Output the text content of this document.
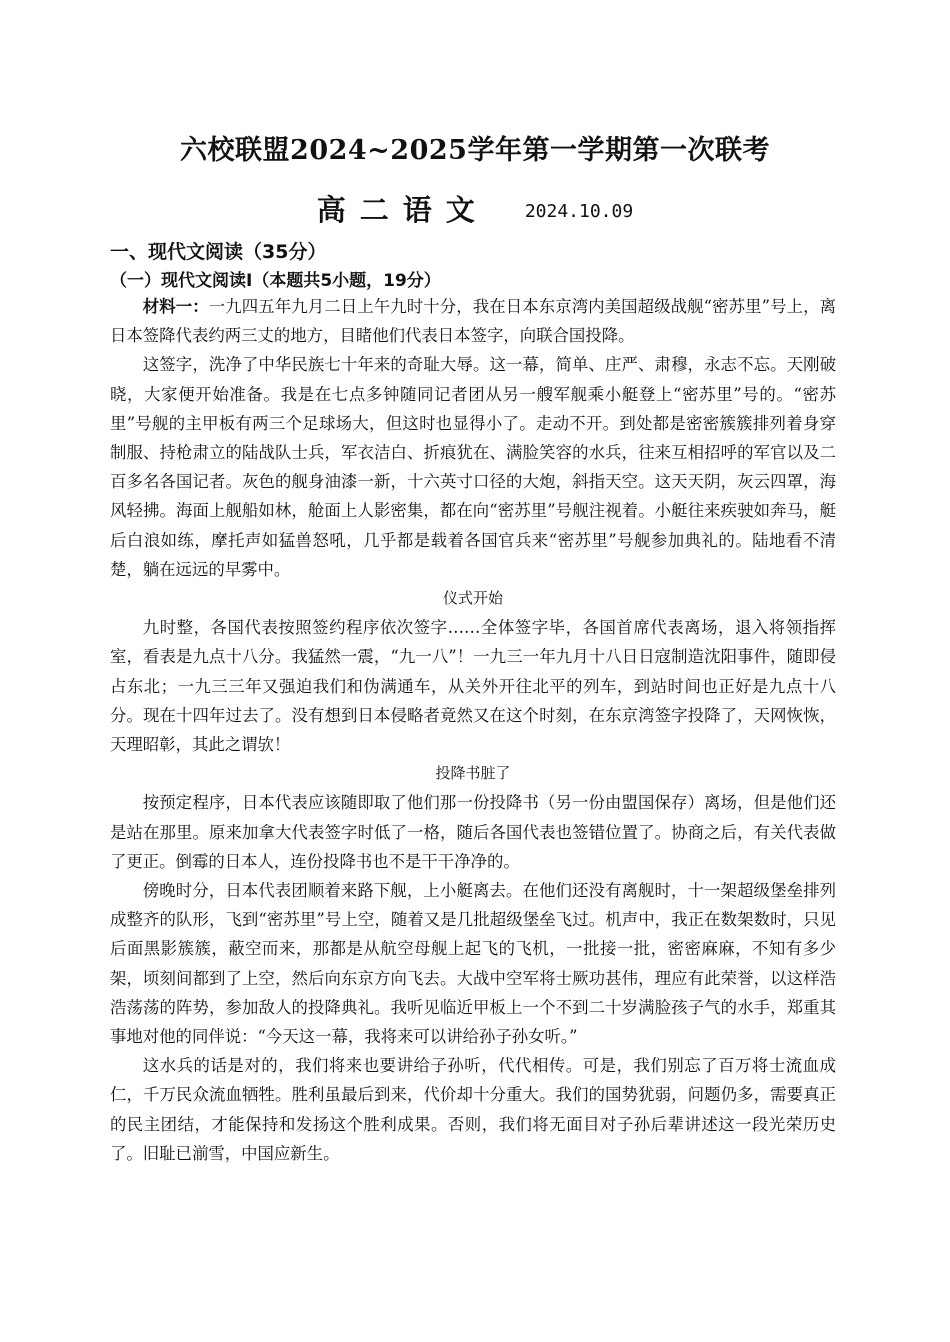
六校联盟2024~2025学年第一学期第一次联考
高二语文 2024.10.09
一、现代文阅读（35分）
（一）现代文阅读Ⅰ（本题共5小题，19分）

材料一：一九四五年九月二日上午九时十分，我在日本东京湾内美国超级战舰“密苏里”号上，离日本签降代表约两三丈的地方，目睹他们代表日本签字，向联合国投降。

这签字，洗净了中华民族七十年来的奇耻大辱。这一幕，简单、庄严、肃穆，永志不忘。天刚破晓，大家便开始准备。我是在七点多钟随同记者团从另一艘军舰乘小艇登上“密苏里”号的。“密苏里”号舰的主甲板有两三个足球场大，但这时也显得小了。走动不开。到处都是密密簇簇排列着身穿制服、持枪肃立的陆战队士兵，军衣洁白、折痕犹在、满脸笑容的水兵，往来互相招呼的军官以及二百多名各国记者。灰色的舰身油漆一新，十六英寸口径的大炮，斜指天空。这天天阴，灰云四罩，海风轻拂。海面上舰船如林，舱面上人影密集，都在向“密苏里”号舰注视着。小艇往来疾驶如奔马，艇后白浪如练，摩托声如猛兽怒吼，几乎都是载着各国官兵来“密苏里”号舰参加典礼的。陆地看不清楚，躺在远远的早雾中。

仪式开始

九时整，各国代表按照签约程序依次签字……全体签字毕，各国首席代表离场，退入将领指挥室，看表是九点十八分。我猛然一震，“九一八”！一九三一年九月十八日日寇制造沈阳事件，随即侵占东北；一九三三年又强迫我们和伪满通车，从关外开往北平的列车，到站时间也正好是九点十八分。现在十四年过去了。没有想到日本侵略者竟然又在这个时刻，在东京湾签字投降了，天网恢恢，天理昭彰，其此之谓欤！

投降书脏了

按预定程序，日本代表应该随即取了他们那一份投降书（另一份由盟国保存）离场，但是他们还是站在那里。原来加拿大代表签字时低了一格，随后各国代表也签错位置了。协商之后，有关代表做了更正。倒霉的日本人，连份投降书也不是干干净净的。

傍晚时分，日本代表团顺着来路下舰，上小艇离去。在他们还没有离舰时，十一架超级堡垒排列成整齐的队形，飞到“密苏里”号上空，随着又是几批超级堡垒飞过。机声中，我正在数架数时，只见后面黑影簇簇，蔽空而来，那都是从航空母舰上起飞的飞机，一批接一批，密密麻麻，不知有多少架，顷刻间都到了上空，然后向东京方向飞去。大战中空军将士厥功甚伟，理应有此荣誉，以这样浩浩荡荡的阵势，参加敌人的投降典礼。我听见临近甲板上一个不到二十岁满脸孩子气的水手，郑重其事地对他的同伴说：“今天这一幕，我将来可以讲给孙子孙女听。”

这水兵的话是对的，我们将来也要讲给子孙听，代代相传。可是，我们别忘了百万将士流血成仁，千万民众流血牺牲。胜利虽最后到来，代价却十分重大。我们的国势犹弱，问题仍多，需要真正的民主团结，才能保持和发扬这个胜利成果。否则，我们将无面目对子孙后辈讲述这一段光荣历史了。旧耻已湔雪，中国应新生。
